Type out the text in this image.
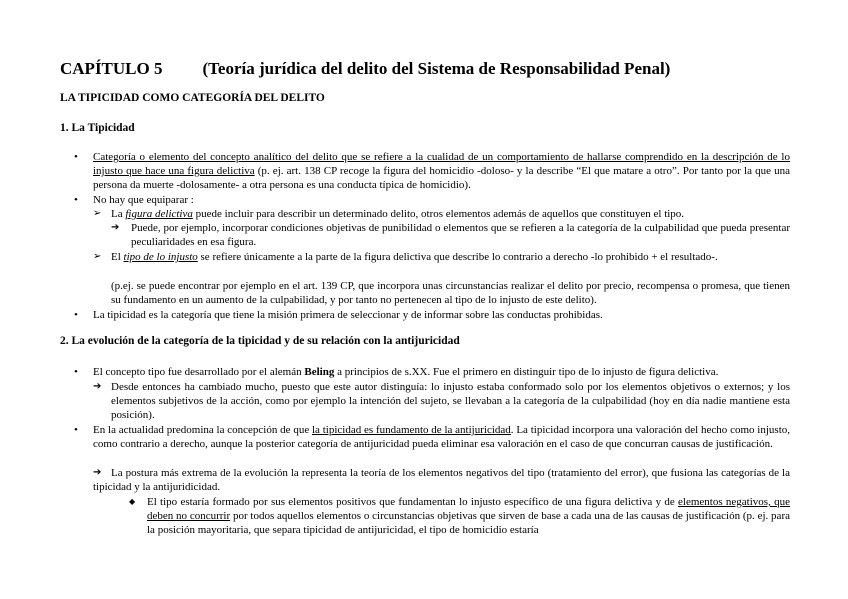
CAPÍTULO 5 (Teoría jurídica del delito del Sistema de Responsabilidad Penal)
LA TIPICIDAD COMO CATEGORÍA DEL DELITO
1. La Tipicidad
• Categoría o elemento del concepto analítico del delito que se refiere a la cualidad de un comportamiento de hallarse comprendido en la descripción de lo injusto que hace una figura delictiva (p. ej. art. 138 CP recoge la figura del homicidio -doloso- y la describe “El que matare a otro”. Por tanto por la que una persona da muerte -dolosamente- a otra persona es una conducta típica de homicidio).
• No hay que equiparar :
➢ La figura delictiva puede incluir para describir un determinado delito, otros elementos además de aquellos que constituyen el tipo.
➔ Puede, por ejemplo, incorporar condiciones objetivas de punibilidad o elementos que se refieren a la categoría de la culpabilidad que pueda presentar peculiaridades en esa figura.
➢ El tipo de lo injusto se refiere únicamente a la parte de la figura delictiva que describe lo contrario a derecho -lo prohibido + el resultado-.
(p.ej. se puede encontrar por ejemplo en el art. 139 CP, que incorpora unas circunstancias realizar el delito por precio, recompensa o promesa, que tienen su fundamento en un aumento de la culpabilidad, y por tanto no pertenecen al tipo de lo injusto de este delito).
• La tipicidad es la categoría que tiene la misión primera de seleccionar y de informar sobre las conductas prohibidas.
2. La evolución de la categoría de la tipicidad y de su relación con la antijuricidad
• El concepto tipo fue desarrollado por el alemán Beling a principios de s.XX. Fue el primero en distinguir tipo de lo injusto de figura delictiva.
➔ Desde entonces ha cambiado mucho, puesto que este autor distinguía: lo injusto estaba conformado solo por los elementos objetivos o externos; y los elementos subjetivos de la acción, como por ejemplo la intención del sujeto, se llevaban a la categoría de la culpabilidad (hoy en día nadie mantiene esta posición).
• En la actualidad predomina la concepción de que la tipicidad es fundamento de la antijuricidad. La tipicidad incorpora una valoración del hecho como injusto, como contrario a derecho, aunque la posterior categoría de antijuricidad pueda eliminar esa valoración en el caso de que concurran causas de justificación.
➔ La postura más extrema de la evolución la representa la teoría de los elementos negativos del tipo (tratamiento del error), que fusiona las categorías de la tipicidad y la antijuridicidad.
◆ El tipo estaría formado por sus elementos positivos que fundamentan lo injusto específico de una figura delictiva y de elementos negativos, que deben no concurrir por todos aquellos elementos o circunstancias objetivas que sirven de base a cada una de las causas de justificación (p. ej. para la posición mayoritaria, que separa tipicidad de antijuricidad, el tipo de homicidio estaría
